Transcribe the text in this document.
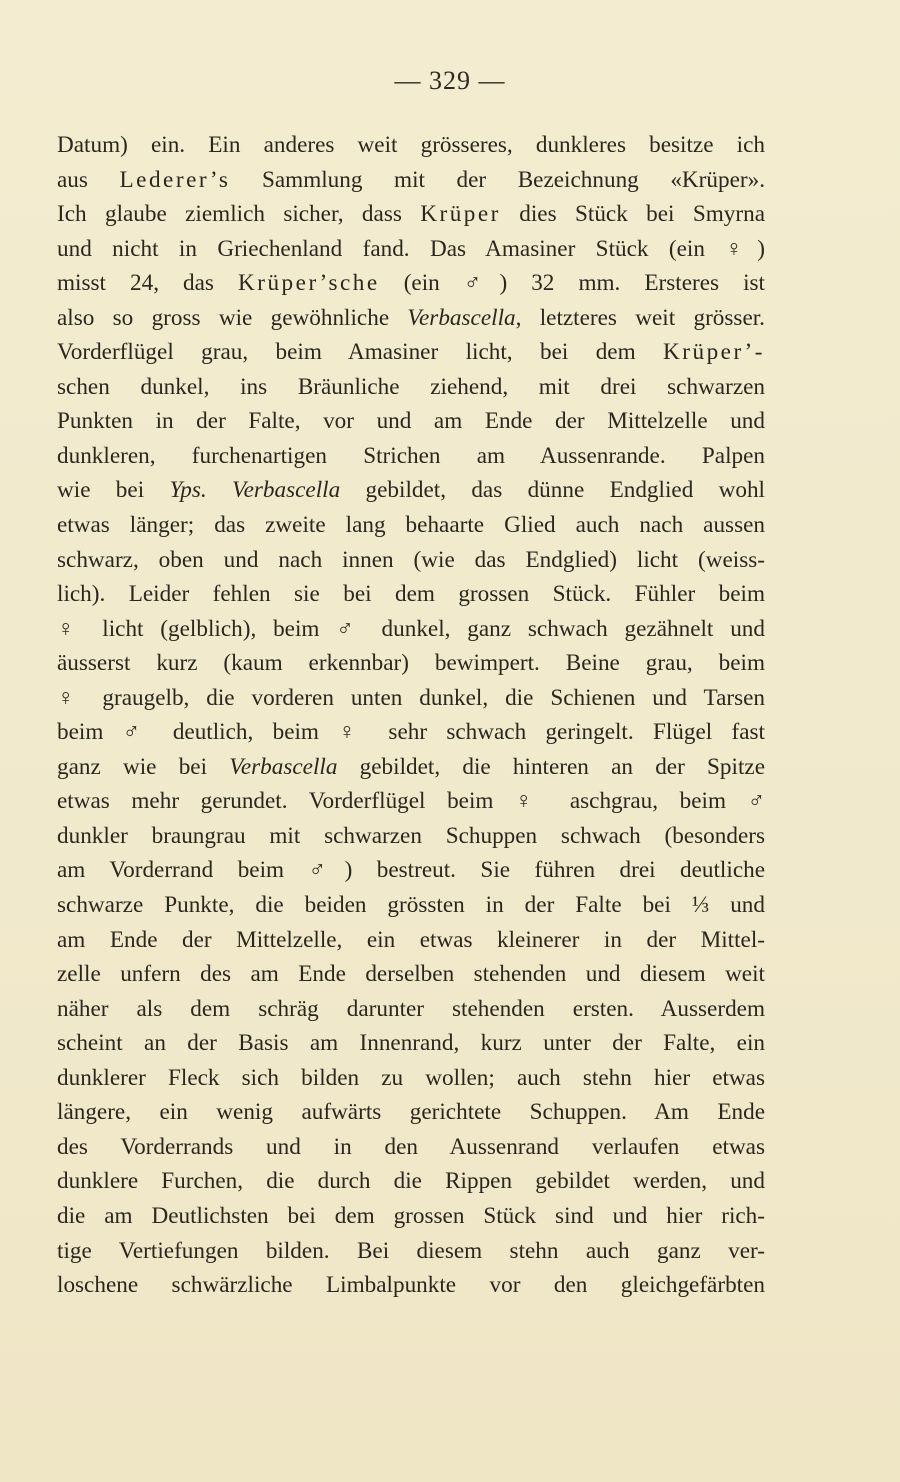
— 329 —
Datum) ein. Ein anderes weit grösseres, dunkleres besitze ich
aus Lederer’s Sammlung mit der Bezeichnung «Krüper».
Ich glaube ziemlich sicher, dass Krüper dies Stück bei Smyrna
und nicht in Griechenland fand. Das Amasiner Stück (ein ♀)
misst 24, das Krüper’sche (ein ♂) 32 mm. Ersteres ist
also so gross wie gewöhnliche Verbascella, letzteres weit grösser.
Vorderflügel grau, beim Amasiner licht, bei dem Krüper’-
schen dunkel, ins Bräunliche ziehend, mit drei schwarzen
Punkten in der Falte, vor und am Ende der Mittelzelle und
dunkleren, furchenartigen Strichen am Aussenrande. Palpen
wie bei Yps. Verbascella gebildet, das dünne Endglied wohl
etwas länger; das zweite lang behaarte Glied auch nach aussen
schwarz, oben und nach innen (wie das Endglied) licht (weiss-
lich). Leider fehlen sie bei dem grossen Stück. Fühler beim
♀ licht (gelblich), beim ♂ dunkel, ganz schwach gezähnelt und
äusserst kurz (kaum erkennbar) bewimpert. Beine grau, beim
♀ graugelb, die vorderen unten dunkel, die Schienen und Tarsen
beim ♂ deutlich, beim ♀ sehr schwach geringelt. Flügel fast
ganz wie bei Verbascella gebildet, die hinteren an der Spitze
etwas mehr gerundet. Vorderflügel beim ♀ aschgrau, beim ♂
dunkler braungrau mit schwarzen Schuppen schwach (besonders
am Vorderrand beim ♂) bestreut. Sie führen drei deutliche
schwarze Punkte, die beiden grössten in der Falte bei ⅓ und
am Ende der Mittelzelle, ein etwas kleinerer in der Mittel-
zelle unfern des am Ende derselben stehenden und diesem weit
näher als dem schräg darunter stehenden ersten. Ausserdem
scheint an der Basis am Innenrand, kurz unter der Falte, ein
dunklerer Fleck sich bilden zu wollen; auch stehn hier etwas
längere, ein wenig aufwärts gerichtete Schuppen. Am Ende
des Vorderrands und in den Aussenrand verlaufen etwas
dunklere Furchen, die durch die Rippen gebildet werden, und
die am Deutlichsten bei dem grossen Stück sind und hier rich-
tige Vertiefungen bilden. Bei diesem stehn auch ganz ver-
loschene schwärzliche Limbalpunkte vor den gleichgefärbten
